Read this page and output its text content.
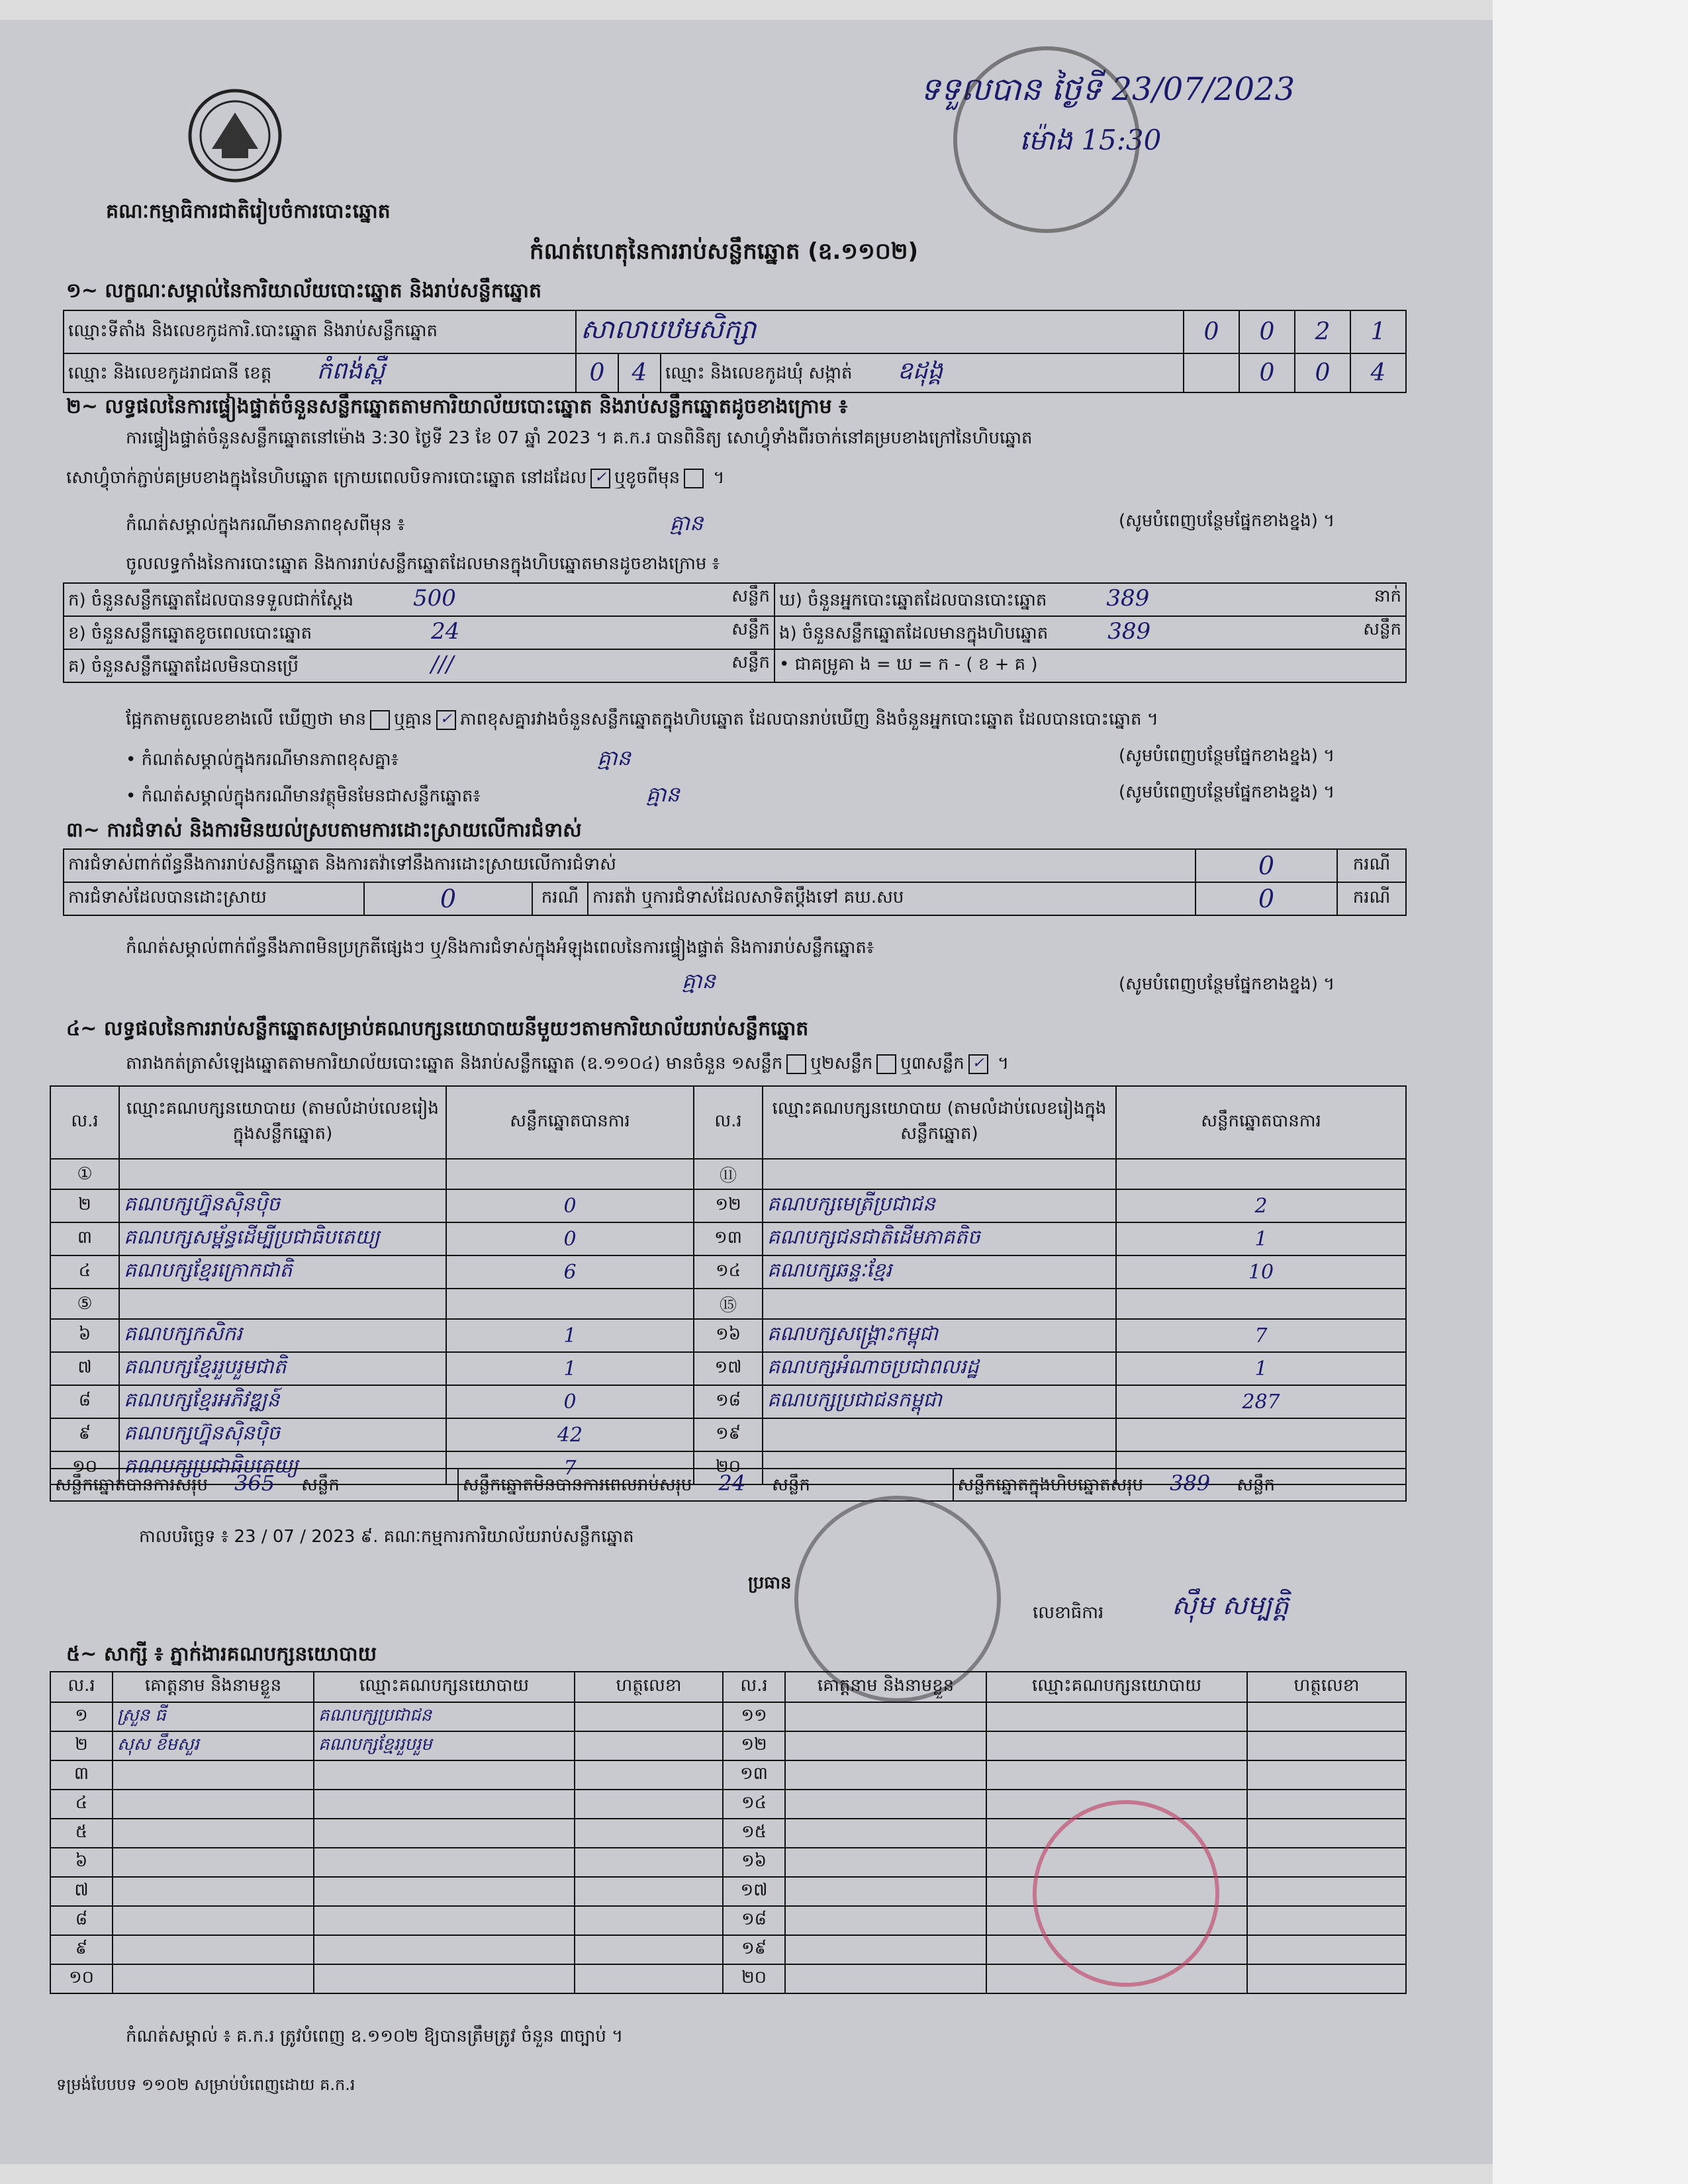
គណៈកម្មាធិការជាតិរៀបចំការបោះឆ្នោត
កំណត់ហេតុនៃការរាប់សន្លឹកឆ្នោត (ឧ.១១០២)
ទទួលបាន ថ្ងៃទី 23/07/2023
ម៉ោង 15:30
១~ លក្ខណៈសម្គាល់នៃការិយាល័យបោះឆ្នោត និងរាប់សន្លឹកឆ្នោត
ឈ្មោះទីតាំង និងលេខកូដការិ.បោះឆ្នោត និងរាប់សន្លឹកឆ្នោត	សាលាបឋមសិក្សា			0	0	2	1
ឈ្មោះ និងលេខកូដរាជធានី ខេត្ត កំពង់ស្ពឺ	0	4	ឈ្មោះ និងលេខកូដឃុំ សង្កាត់ ឧដុង្គ		0	0	4
២~ លទ្ធផលនៃការផ្ទៀងផ្ទាត់ចំនួនសន្លឹកឆ្នោតតាមការិយាល័យបោះឆ្នោត និងរាប់សន្លឹកឆ្នោតដូចខាងក្រោម ៖
ការផ្ទៀងផ្ទាត់ចំនួនសន្លឹកឆ្នោតនៅម៉ោង 3:30 ថ្ងៃទី 23 ខែ 07 ឆ្នាំ 2023 ។ គ.ក.រ បានពិនិត្យ សោហ្វុំទាំងពីរចាក់នៅគម្របខាងក្រៅនៃហិបឆ្នោត
សោហ្វុំចាក់ភ្ជាប់គម្របខាងក្នុងនៃហិបឆ្នោត ក្រោយពេលបិទការបោះឆ្នោត នៅដដែល ✓ ឬខូចពីមុន ។
កំណត់សម្គាល់ក្នុងករណីមានភាពខុសពីមុន ៖	គ្មាន	(សូមបំពេញបន្ថែមផ្នែកខាងខ្នង) ។
ចូលលទ្ធកាំងនៃការបោះឆ្នោត និងការរាប់សន្លឹកឆ្នោតដែលមានក្នុងហិបឆ្នោតមានដូចខាងក្រោម ៖
ក) ចំនួនសន្លឹកឆ្នោតដែលបានទទួលជាក់ស្តែង 500 សន្លឹក	ឃ) ចំនួនអ្នកបោះឆ្នោតដែលបានបោះឆ្នោត 389 នាក់

ខ) ចំនួនសន្លឹកឆ្នោតខូចពេលបោះឆ្នោត 24 សន្លឹក	ង) ចំនួនសន្លឹកឆ្នោតដែលមានក្នុងហិបឆ្នោត 389 សន្លឹក

គ) ចំនួនសន្លឹកឆ្នោតដែលមិនបានប្រើ /// សន្លឹក	• ជាគម្រូគា ង = ឃ = ក - ( ខ + គ )
ផ្អែកតាមតួលេខខាងលើ ឃើញថា មាន ឬគ្មាន ✓ ភាពខុសគ្នារវាងចំនួនសន្លឹកឆ្នោតក្នុងហិបឆ្នោត ដែលបានរាប់ឃើញ និងចំនួនអ្នកបោះឆ្នោត ដែលបានបោះឆ្នោត ។
• កំណត់សម្គាល់ក្នុងករណីមានភាពខុសគ្នា៖	គ្មាន	(សូមបំពេញបន្ថែមផ្នែកខាងខ្នង) ។
• កំណត់សម្គាល់ក្នុងករណីមានវត្ថុមិនមែនជាសន្លឹកឆ្នោត៖	គ្មាន	(សូមបំពេញបន្ថែមផ្នែកខាងខ្នង) ។
៣~ ការជំទាស់ និងការមិនយល់ស្របតាមការដោះស្រាយលើការជំទាស់
ការជំទាស់ពាក់ព័ន្ធនឹងការរាប់សន្លឹកឆ្នោត និងការតវ៉ាទៅនឹងការដោះស្រាយលើការជំទាស់				0	ករណី
ការជំទាស់ដែលបានដោះស្រាយ	0	ករណី	ការតវ៉ា ឬការជំទាស់ដែលសាទិតប្តឹងទៅ គឃ.សប	0	ករណី
កំណត់សម្គាល់ពាក់ព័ន្ធនឹងភាពមិនប្រក្រតីផ្សេងៗ ឬ/និងការជំទាស់ក្នុងអំឡុងពេលនៃការផ្ទៀងផ្ទាត់ និងការរាប់សន្លឹកឆ្នោត៖
គ្មាន	(សូមបំពេញបន្ថែមផ្នែកខាងខ្នង) ។
៤~ លទ្ធផលនៃការរាប់សន្លឹកឆ្នោតសម្រាប់គណបក្សនយោបាយនីមួយៗតាមការិយាល័យរាប់សន្លឹកឆ្នោត
តារាងកត់ត្រាសំឡេងឆ្នោតតាមការិយាល័យបោះឆ្នោត និងរាប់សន្លឹកឆ្នោត (ឧ.១១០៤) មានចំនួន ១សន្លឹក ឬ២សន្លឹក ឬ៣សន្លឹក ✓ ។
ល.រ	ឈ្មោះគណបក្សនយោបាយ (តាមលំដាប់លេខរៀងក្នុងសន្លឹកឆ្នោត)	សន្លឹកឆ្នោតបានការ	ល.រ	ឈ្មោះគណបក្សនយោបាយ (តាមលំដាប់លេខរៀងក្នុងសន្លឹកឆ្នោត)	សន្លឹកឆ្នោតបានការ
①			⑪		
២	គណបក្សហ្វ៊ុនស៊ិនប៉ិច	0	១២	គណបក្សមេត្រីប្រជាជន	2
៣	គណបក្សសម្ព័ន្ធដើម្បីប្រជាធិបតេយ្យ	0	១៣	គណបក្សជនជាតិដើមភាគតិច	1
៤	គណបក្សខ្មែរក្រោកជាតិ	6	១៤	គណបក្សឆន្ទៈខ្មែរ	10
⑤			⑮		
៦	គណបក្សកសិករ	1	១៦	គណបក្សសង្គ្រោះកម្ពុជា	7
៧	គណបក្សខ្មែររួបរួមជាតិ	1	១៧	គណបក្សអំណាចប្រជាពលរដ្ឋ	1
៨	គណបក្សខ្មែរអភិវឌ្ឍន៍	0	១៨	គណបក្សប្រជាជនកម្ពុជា	287
៩	គណបក្សហ្វ៊ុនស៊ិនប៉ិច	42	១៩		
១០	គណបក្សប្រជាធិបតេយ្យ	7	២០		
សន្លឹកឆ្នោតបានការសរុប 365 សន្លឹក	សន្លឹកឆ្នោតមិនបានការពេលរាប់សរុប 24 សន្លឹក	សន្លឹកឆ្នោតក្នុងហិបឆ្នោតសរុប 389 សន្លឹក
កាលបរិច្ឆេទ ៖ 23 / 07 / 2023 ៩. គណៈកម្មការការិយាល័យរាប់សន្លឹកឆ្នោត
ប្រធាន
លេខាធិការ	ស៊ឹម សម្បត្តិ
៥~ សាក្សី ៖ ភ្នាក់ងារគណបក្សនយោបាយ
ល.រ	គោត្តនាម និងនាមខ្លួន	ឈ្មោះគណបក្សនយោបាយ	ហត្ថលេខា	ល.រ	គោត្តនាម និងនាមខ្លួន	ឈ្មោះគណបក្សនយោបាយ	ហត្ថលេខា
១	ស្រួន ធី	គណបក្សប្រជាជន		១១			
២	សុស ខឹមសួរ	គណបក្សខ្មែររួបរួម		១២			
៣				១៣			
៤				១៤			
៥				១៥			
៦				១៦			
៧				១៧			
៨				១៨			
៩				១៩			
១០				២០			
កំណត់សម្គាល់ ៖ គ.ក.រ ត្រូវបំពេញ ឧ.១១០២ ឱ្យបានត្រឹមត្រូវ ចំនួន ៣ច្បាប់ ។
ទម្រង់បែបបទ ១១០២ សម្រាប់បំពេញដោយ គ.ក.រ
